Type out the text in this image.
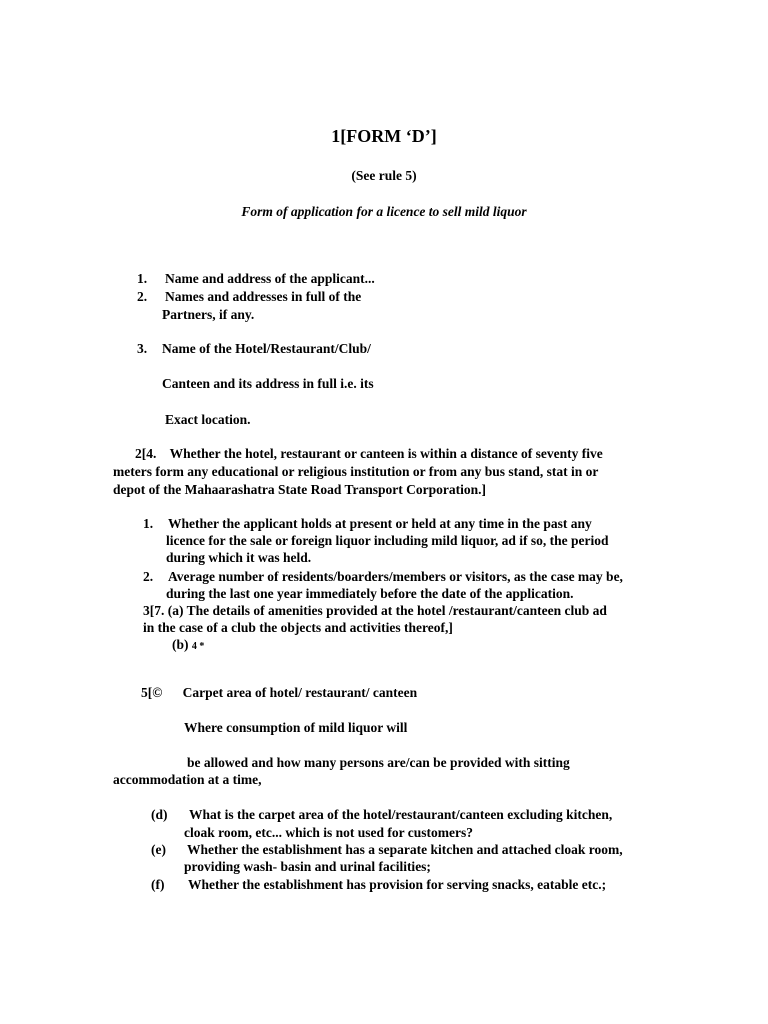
1[FORM ‘D’]
(See rule 5)
Form of application for a licence to sell mild liquor
1. Name and address of the applicant...
2. Names and addresses in full of the
Partners, if any.
3. Name of the Hotel/Restaurant/Club/
Canteen and its address in full i.e. its
Exact location.
2[4.    Whether the hotel, restaurant or canteen is within a distance of seventy five
meters form any educational or religious institution or from any bus stand, stat in or
depot of the Mahaarashatra State Road Transport Corporation.]
1. Whether the applicant holds at present or held at any time in the past any
licence for the sale or foreign liquor including mild liquor, ad if so, the period
during which it was held.
2. Average number of residents/boarders/members or visitors, as the case may be,
during the last one year immediately before the date of the application.
3[7. (a) The details of amenities provided at the hotel /restaurant/canteen club ad
in the case of a club the objects and activities thereof,]
(b) 4 *
5[©      Carpet area of hotel/ restaurant/ canteen
Where consumption of mild liquor will
be allowed and how many persons are/can be provided with sitting
accommodation at a time,
(d) What is the carpet area of the hotel/restaurant/canteen excluding kitchen,
cloak room, etc... which is not used for customers?
(e) Whether the establishment has a separate kitchen and attached cloak room,
providing wash- basin and urinal facilities;
(f) Whether the establishment has provision for serving snacks, eatable etc.;
